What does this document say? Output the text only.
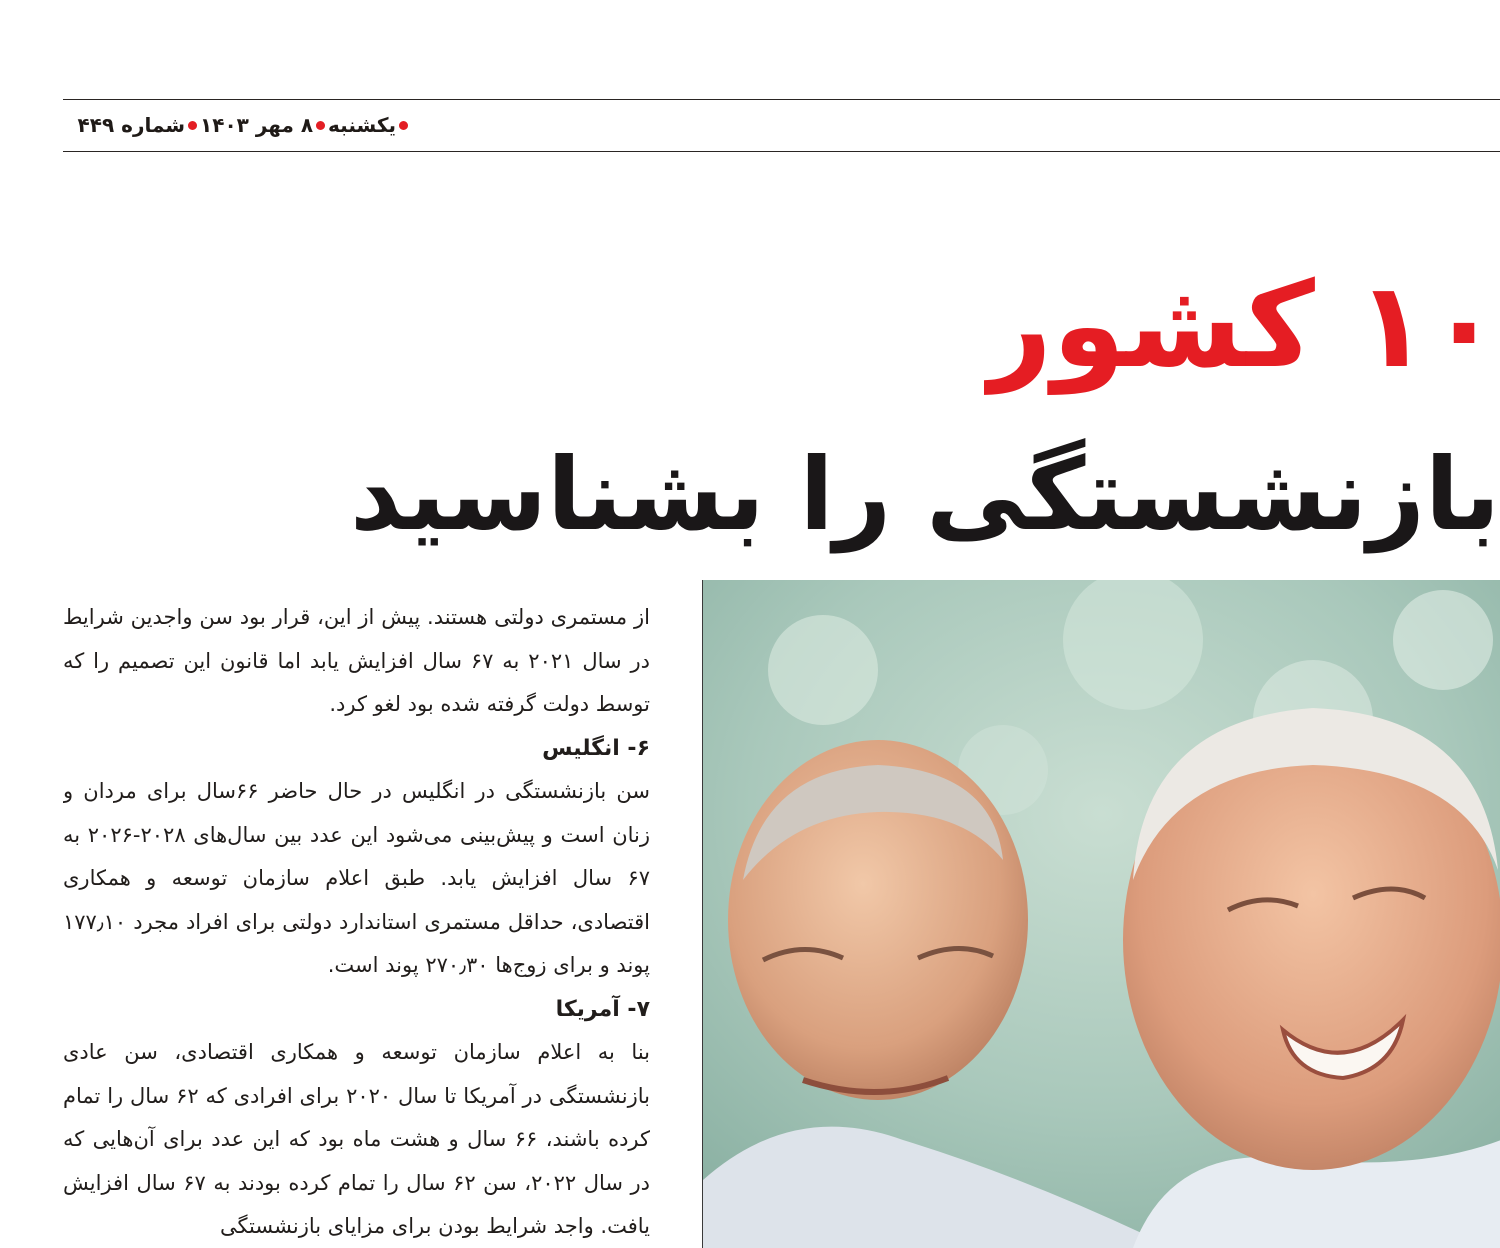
یکشنبه
۸ مهر ۱۴۰۳
شماره ۴۴۹
۱۰ کشور
بازنشستگی را بشناسید

از مستمری دولتی هستند. پیش از این، قرار بود سن واجدین شرایط در سال ۲۰۲۱ به ۶۷ سال افزایش یابد اما قانون این تصمیم را که توسط دولت گرفته شده بود لغو کرد.

۶- انگلیس

سن بازنشستگی در انگلیس در حال حاضر ۶۶سال برای مردان و زنان است و پیش‌بینی می‌شود این عدد بین سال‌های ۲۰۲۸-۲۰۲۶ به ۶۷ سال افزایش یابد. طبق اعلام سازمان توسعه و همکاری اقتصادی، حداقل مستمری استاندارد دولتی برای افراد مجرد ۱۷۷٫۱۰ پوند و برای زوج‌ها ۲۷۰٫۳۰ پوند است.

۷- آمریکا

بنا به اعلام سازمان توسعه و همکاری اقتصادی، سن عادی بازنشستگی در آمریکا تا سال ۲۰۲۰ برای افرادی که ۶۲ سال را تمام کرده باشند، ۶۶ سال و هشت ماه بود که این عدد برای آن‌هایی که در سال ۲۰۲۲، سن ۶۲ سال را تمام کرده بودند به ۶۷ سال افزایش یافت. واجد شرایط بودن برای مزایای بازنشستگی
